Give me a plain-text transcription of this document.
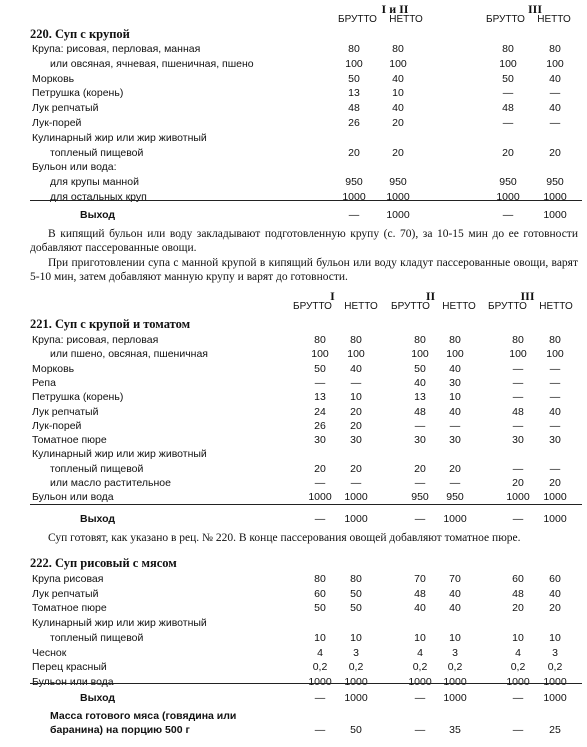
I и II	III
БРУТТО	НЕТТО	БРУТТО	НЕТТО
220. Суп с крупой
Крупа: рисовая, перловая, манная	80	80	80	80
или овсяная, ячневая, пшеничная, пшено	100	100	100	100
Морковь	50	40	50	40
Петрушка (корень)	13	10	—	—
Лук репчатый	48	40	48	40
Лук-порей	26	20	—	—
Кулинарный жир или жир животный
топленый пищевой	20	20	20	20
Бульон или вода:
для крупы манной	950	950	950	950
для остальных круп	1000	1000	1000	1000
Выход	—	1000	—	1000
В кипящий бульон или воду закладывают подготовленную крупу (с. 70), за 10-15 мин до ее готовности добавляют пассерованные овощи.
При приготовлении супа с манной крупой в кипящий бульон или воду кладут пассерованные овощи, варят 5-10 мин, затем добавляют манную крупу и варят до готовности.
I	II	III
БРУТТО	НЕТТО	БРУТТО	НЕТТО	БРУТТО	НЕТТО
221. Суп с крупой и томатом
Крупа: рисовая, перловая	80	80	80	80	80	80
или пшено, овсяная, пшеничная	100	100	100	100	100	100
Морковь	50	40	50	40	—	—
Репа	—	—	40	30	—	—
Петрушка (корень)	13	10	13	10	—	—
Лук репчатый	24	20	48	40	48	40
Лук-порей	26	20	—	—	—	—
Томатное пюре	30	30	30	30	30	30
Кулинарный жир или жир животный
топленый пищевой	20	20	20	20	—	—
или масло растительное	—	—	—	—	20	20
Бульон или вода	1000	1000	950	950	1000	1000
Выход	—	1000	—	1000	—	1000
Суп готовят, как указано в рец. № 220. В конце пассерования овощей добавляют томатное пюре.
222. Суп рисовый с мясом
Крупа рисовая	80	80	70	70	60	60
Лук репчатый	60	50	48	40	48	40
Томатное пюре	50	50	40	40	20	20
Кулинарный жир или жир животный
топленый пищевой	10	10	10	10	10	10
Чеснок	4	3	4	3	4	3
Перец красный	0,2	0,2	0,2	0,2	0,2	0,2
Бульон или вода	1000	1000	1000	1000	1000	1000
Выход	—	1000	—	1000	—	1000
Масса готового мяса (говядина или
баранина) на порцию 500 г	—	50	—	35	—	25
